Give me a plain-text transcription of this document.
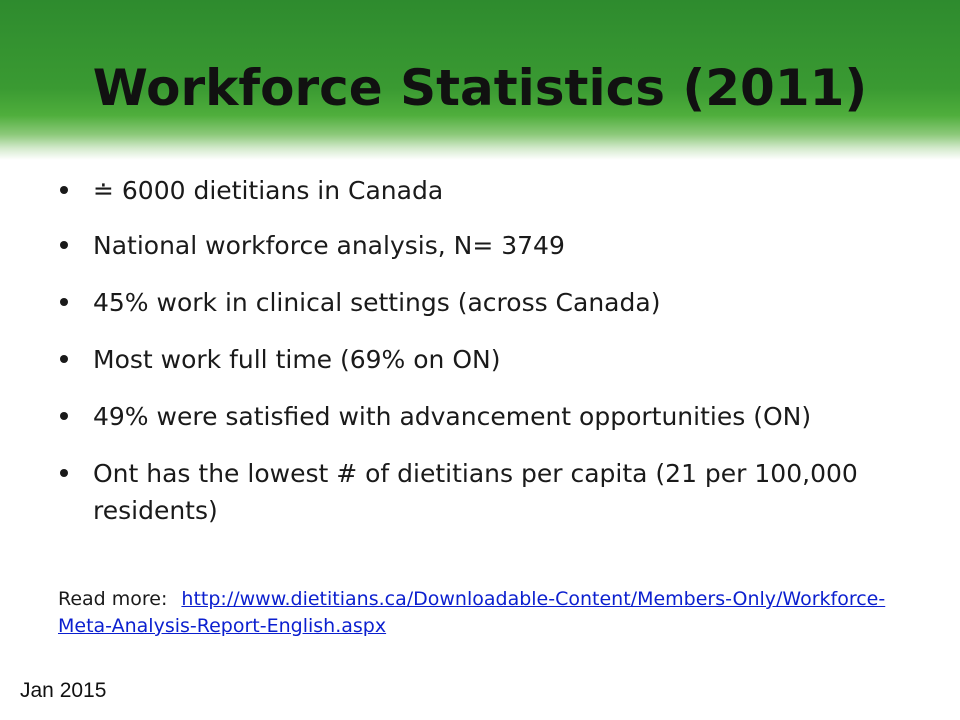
Workforce Statistics (2011)
≐ 6000 dietitians in Canada
National workforce analysis, N= 3749
45% work in clinical settings (across Canada)
Most work full time (69% on ON)
49% were satisfied with advancement opportunities (ON)
Ont has the lowest # of dietitians per capita (21 per 100,000 residents)
Read more: http://www.dietitians.ca/Downloadable-Content/Members-Only/Workforce-Meta-Analysis-Report-English.aspx
Jan 2015
